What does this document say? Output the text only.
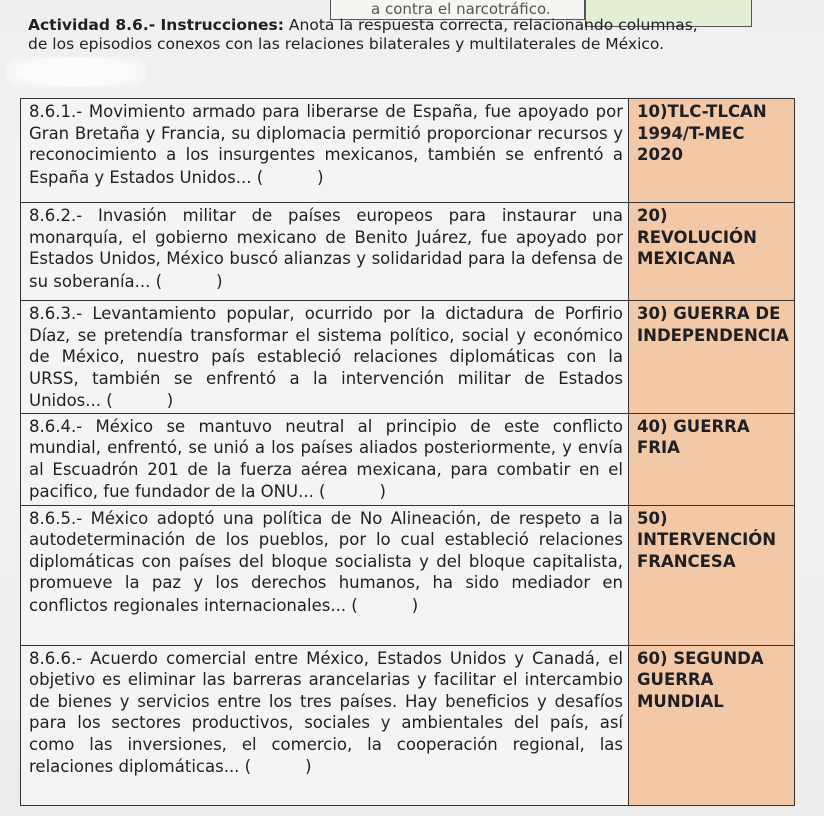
a contra el narcotráfico.
Actividad 8.6.- Instrucciones: Anota la respuesta correcta, relacionando columnas,
de los episodios conexos con las relaciones bilaterales y multilaterales de México.
8.6.1.- Movimiento armado para liberarse de España, fue apoyado por Gran Bretaña y Francia, su diplomacia permitió proporcionar recursos y reconocimiento a los insurgentes mexicanos, también se enfrentó a España y Estados Unidos... ( )	10)TLC-TLCAN 1994/T-MEC 2020
8.6.2.- Invasión militar de países europeos para instaurar una monarquía, el gobierno mexicano de Benito Juárez, fue apoyado por Estados Unidos, México buscó alianzas y solidaridad para la defensa de su soberanía... ( )	20) REVOLUCIÓN MEXICANA
8.6.3.- Levantamiento popular, ocurrido por la dictadura de Porfirio Díaz, se pretendía transformar el sistema político, social y económico de México, nuestro país estableció relaciones diplomáticas con la URSS, también se enfrentó a la intervención militar de Estados Unidos... ( )	30) GUERRA DE INDEPENDENCIA
8.6.4.- México se mantuvo neutral al principio de este conflicto mundial, enfrentó, se unió a los países aliados posteriormente, y envía al Escuadrón 201 de la fuerza aérea mexicana, para combatir en el pacifico, fue fundador de la ONU... ( )	40) GUERRA FRIA
8.6.5.- México adoptó una política de No Alineación, de respeto a la autodeterminación de los pueblos, por lo cual estableció relaciones diplomáticas con países del bloque socialista y del bloque capitalista, promueve la paz y los derechos humanos, ha sido mediador en conflictos regionales internacionales... ( )	50) INTERVENCIÓN FRANCESA
8.6.6.- Acuerdo comercial entre México, Estados Unidos y Canadá, el objetivo es eliminar las barreras arancelarias y facilitar el intercambio de bienes y servicios entre los tres países. Hay beneficios y desafíos para los sectores productivos, sociales y ambientales del país, así como las inversiones, el comercio, la cooperación regional, las relaciones diplomáticas... ( )	60) SEGUNDA GUERRA MUNDIAL
